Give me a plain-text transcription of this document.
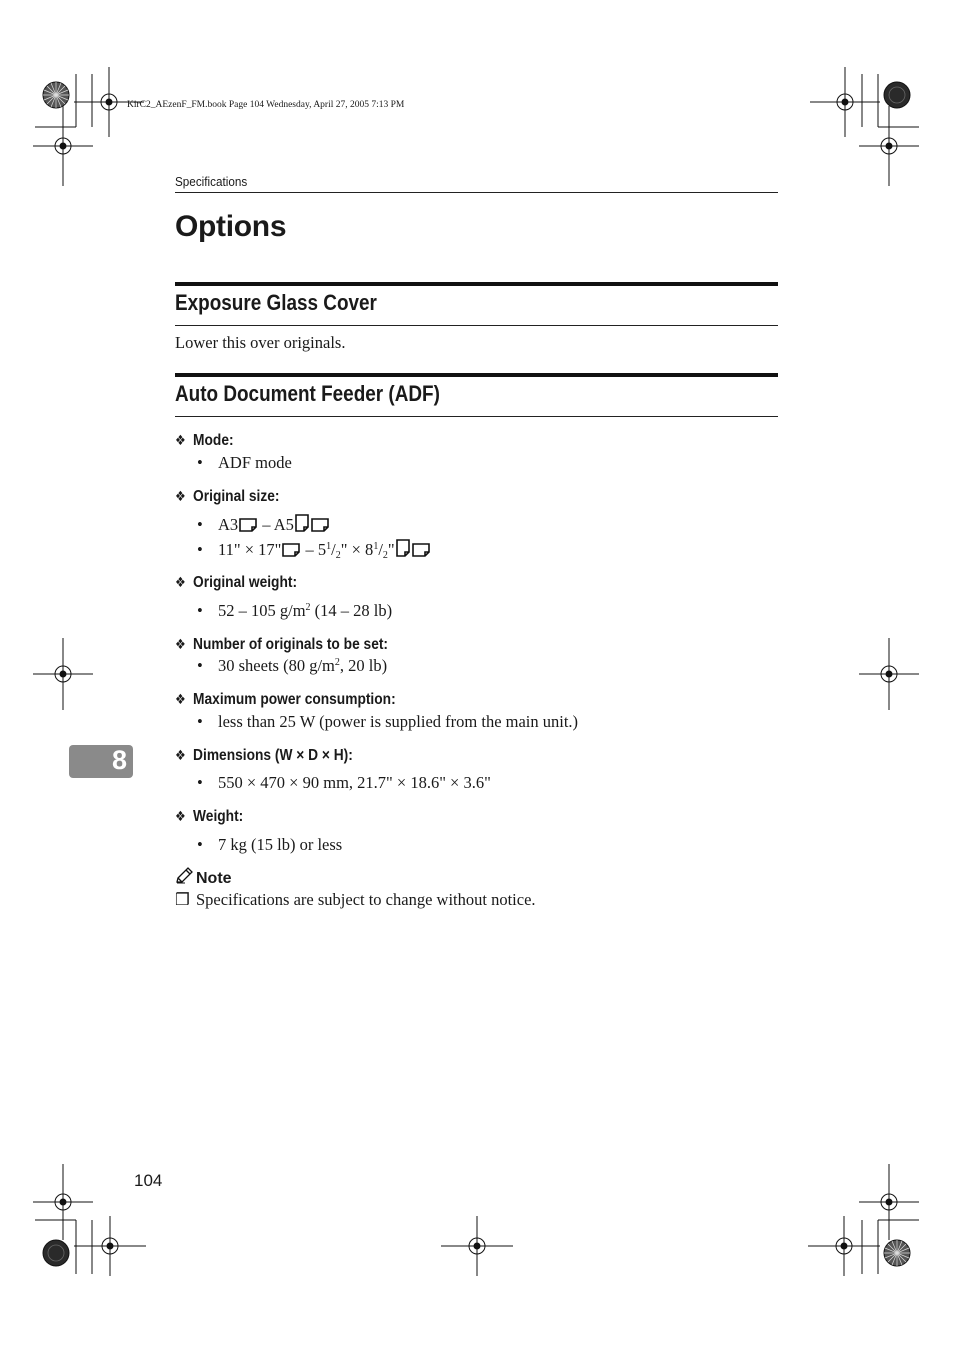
KirC2_AEzenF_FM.book Page 104 Wednesday, April 27, 2005 7:13 PM
Specifications
Options
Exposure Glass Cover
Lower this over originals.
Auto Document Feeder (ADF)
❖ Mode:
• ADF mode
❖ Original size:
• A3 – A5
• 11" × 17" – $5^1/_2$" × $8^1/_2$"
❖ Original weight:
• 52 – 105 $g/m^2$ (14 – 28 lb)
❖ Number of originals to be set:
• 30 sheets (80 $g/m^2$, 20 lb)
❖ Maximum power consumption:
• less than 25 W (power is supplied from the main unit.)
❖ Dimensions (W × D × H):
• 550 × 470 × 90 mm, 21.7" × 18.6" × 3.6"
❖ Weight:
• 7 kg (15 lb) or less
Note
❒ Specifications are subject to change without notice.
8
104
